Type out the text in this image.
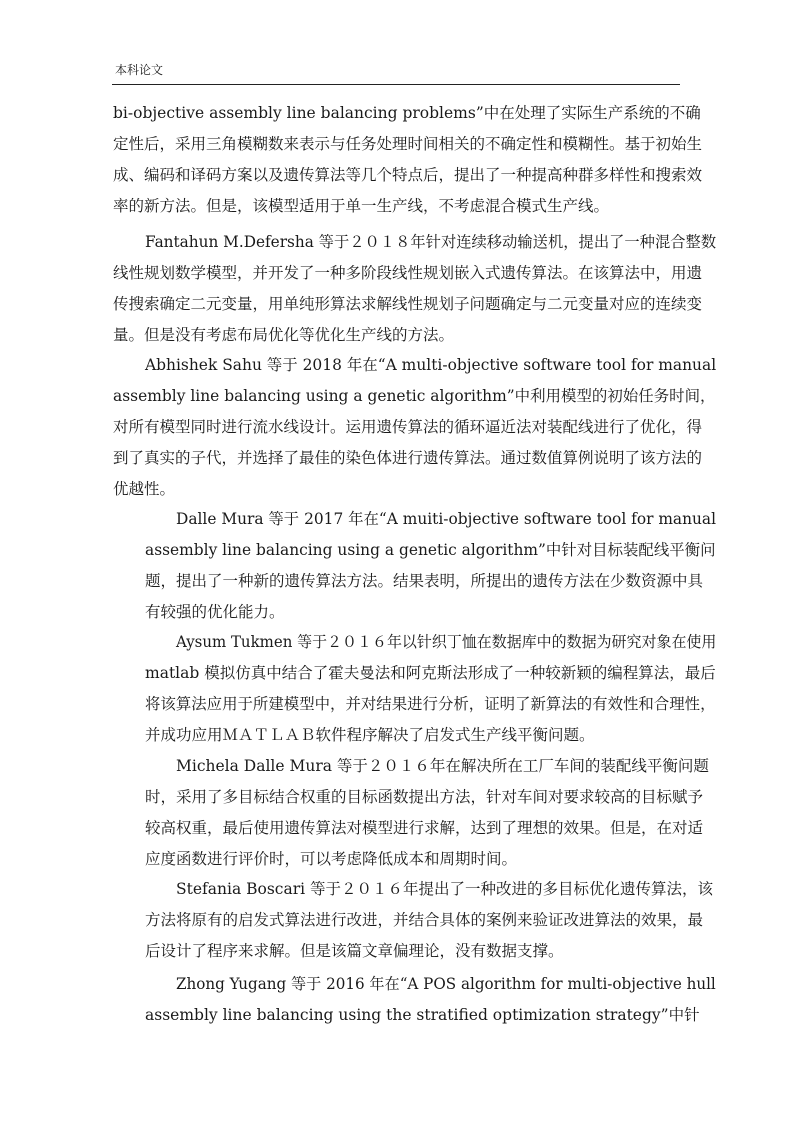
本科论文
bi-objective assembly line balancing problems”中在处理了实际生产系统的不确
定性后，采用三角模糊数来表示与任务处理时间相关的不确定性和模糊性。基于初始生
成、编码和译码方案以及遗传算法等几个特点后，提出了一种提高种群多样性和搜索效
率的新方法。但是，该模型适用于单一生产线，不考虑混合模式生产线。
Fantahun M.Defersha 等于２０１８年针对连续移动输送机，提出了一种混合整数
线性规划数学模型，并开发了一种多阶段线性规划嵌入式遗传算法。在该算法中，用遗
传搜索确定二元变量，用单纯形算法求解线性规划子问题确定与二元变量对应的连续变
量。但是没有考虑布局优化等优化生产线的方法。
Abhishek Sahu 等于 2018 年在“A multi-objective software tool for manual
assembly line balancing using a genetic algorithm”中利用模型的初始任务时间，
对所有模型同时进行流水线设计。运用遗传算法的循环逼近法对装配线进行了优化，得
到了真实的子代，并选择了最佳的染色体进行遗传算法。通过数值算例说明了该方法的
优越性。
Dalle Mura 等于 2017 年在“A muiti-objective software tool for manual
assembly line balancing using a genetic algorithm”中针对目标装配线平衡问
题，提出了一种新的遗传算法方法。结果表明，所提出的遗传方法在少数资源中具
有较强的优化能力。
Aysum Tukmen 等于２０１６年以针织丁恤在数据库中的数据为研究对象在使用
matlab 模拟仿真中结合了霍夫曼法和阿克斯法形成了一种较新颖的编程算法，最后
将该算法应用于所建模型中，并对结果进行分析，证明了新算法的有效性和合理性，
并成功应用ＭＡＴＬＡＢ软件程序解决了启发式生产线平衡问题。
Michela Dalle Mura 等于２０１６年在解决所在工厂车间的装配线平衡问题
时，采用了多目标结合权重的目标函数提出方法，针对车间对要求较高的目标赋予
较高权重，最后使用遗传算法对模型进行求解，达到了理想的效果。但是，在对适
应度函数进行评价时，可以考虑降低成本和周期时间。
Stefania Boscari 等于２０１６年提出了一种改进的多目标优化遗传算法，该
方法将原有的启发式算法进行改进，并结合具体的案例来验证改进算法的效果，最
后设计了程序来求解。但是该篇文章偏理论，没有数据支撑。
Zhong Yugang 等于 2016 年在“A POS algorithm for multi-objective hull
assembly line balancing using the stratified optimization strategy”中针
